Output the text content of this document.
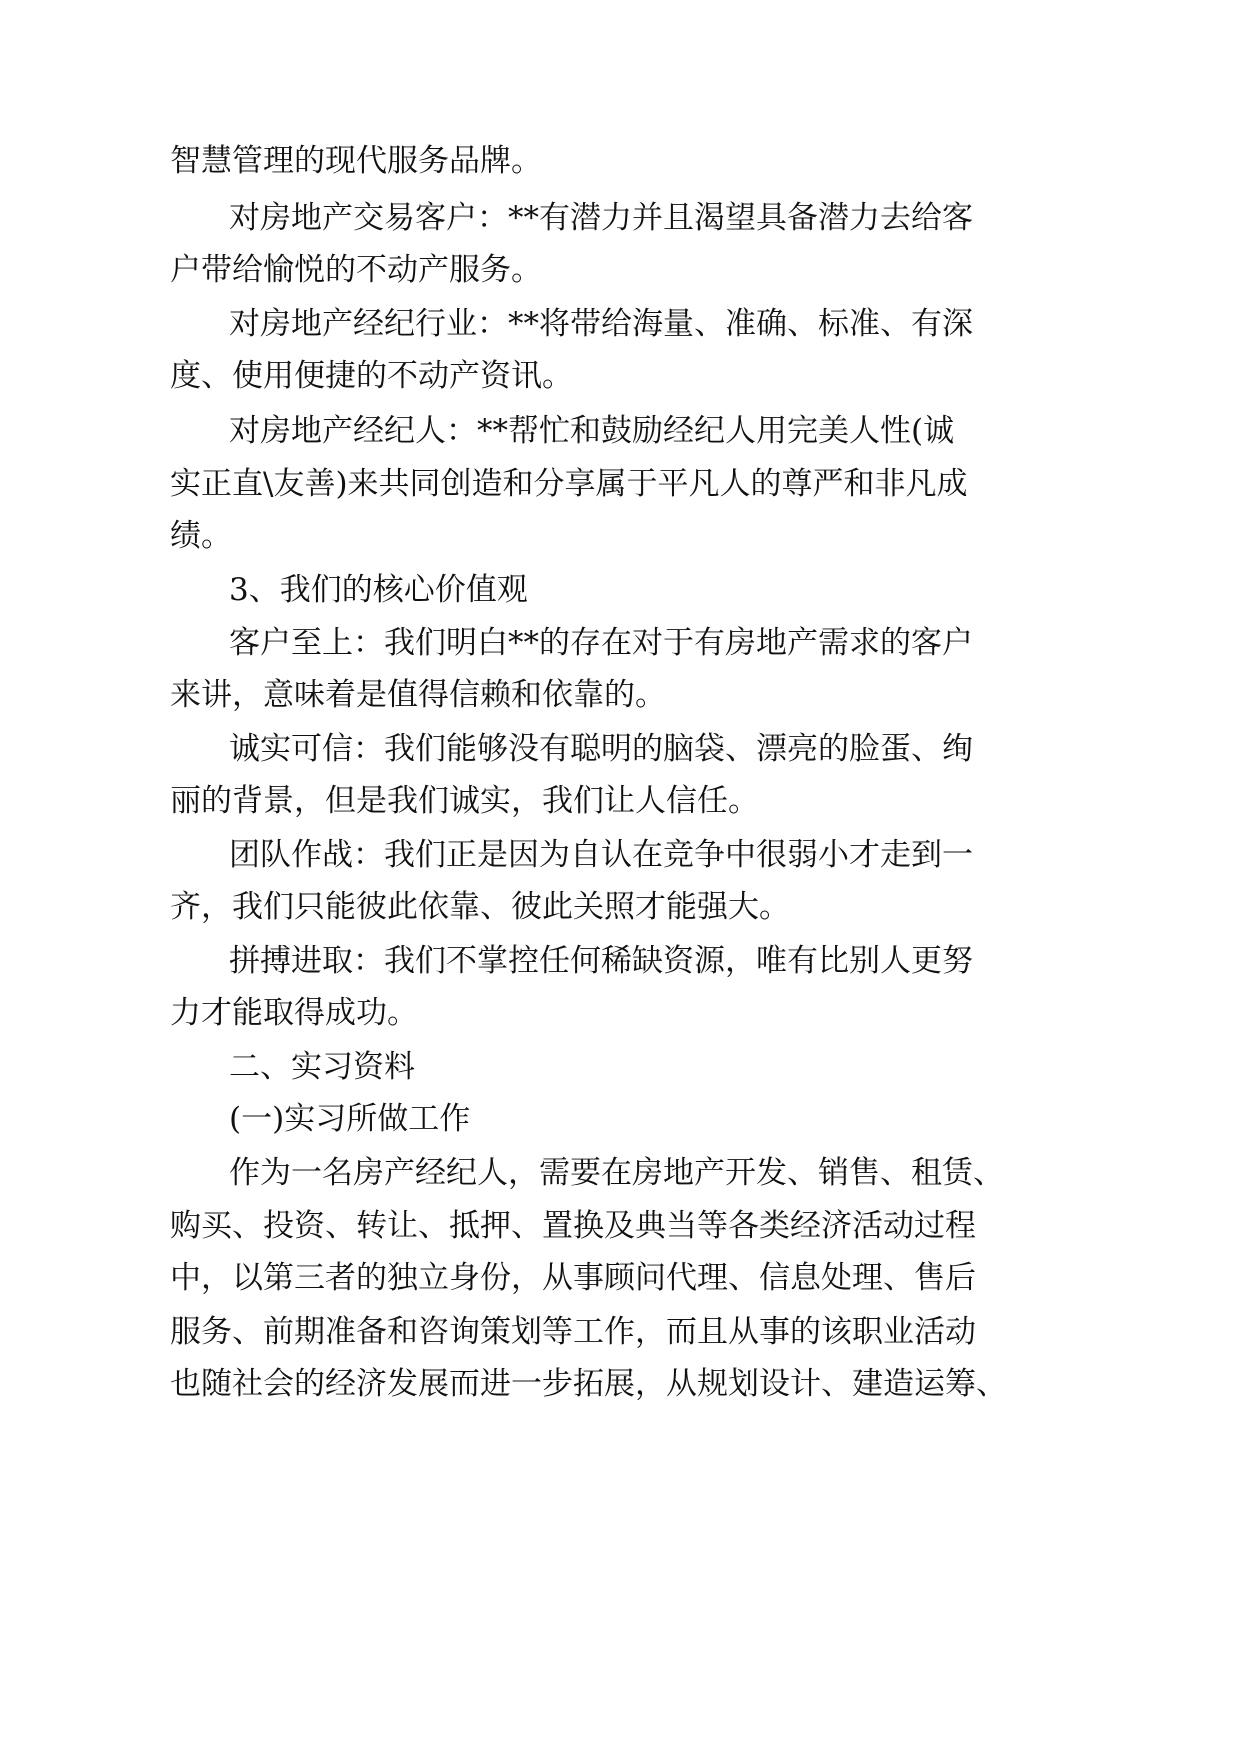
智慧管理的现代服务品牌。
对房地产交易客户：**有潜力并且渴望具备潜力去给客
户带给愉悦的不动产服务。
对房地产经纪行业：**将带给海量、准确、标准、有深
度、使用便捷的不动产资讯。
对房地产经纪人：**帮忙和鼓励经纪人用完美人性(诚
实正直\友善)来共同创造和分享属于平凡人的尊严和非凡成
绩。
3、我们的核心价值观
客户至上：我们明白**的存在对于有房地产需求的客户
来讲，意味着是值得信赖和依靠的。
诚实可信：我们能够没有聪明的脑袋、漂亮的脸蛋、绚
丽的背景，但是我们诚实，我们让人信任。
团队作战：我们正是因为自认在竞争中很弱小才走到一
齐，我们只能彼此依靠、彼此关照才能强大。
拼搏进取：我们不掌控任何稀缺资源，唯有比别人更努
力才能取得成功。
二、实习资料
(一)实习所做工作
作为一名房产经纪人，需要在房地产开发、销售、租赁、
购买、投资、转让、抵押、置换及典当等各类经济活动过程
中，以第三者的独立身份，从事顾问代理、信息处理、售后
服务、前期准备和咨询策划等工作，而且从事的该职业活动
也随社会的经济发展而进一步拓展，从规划设计、建造运筹、
